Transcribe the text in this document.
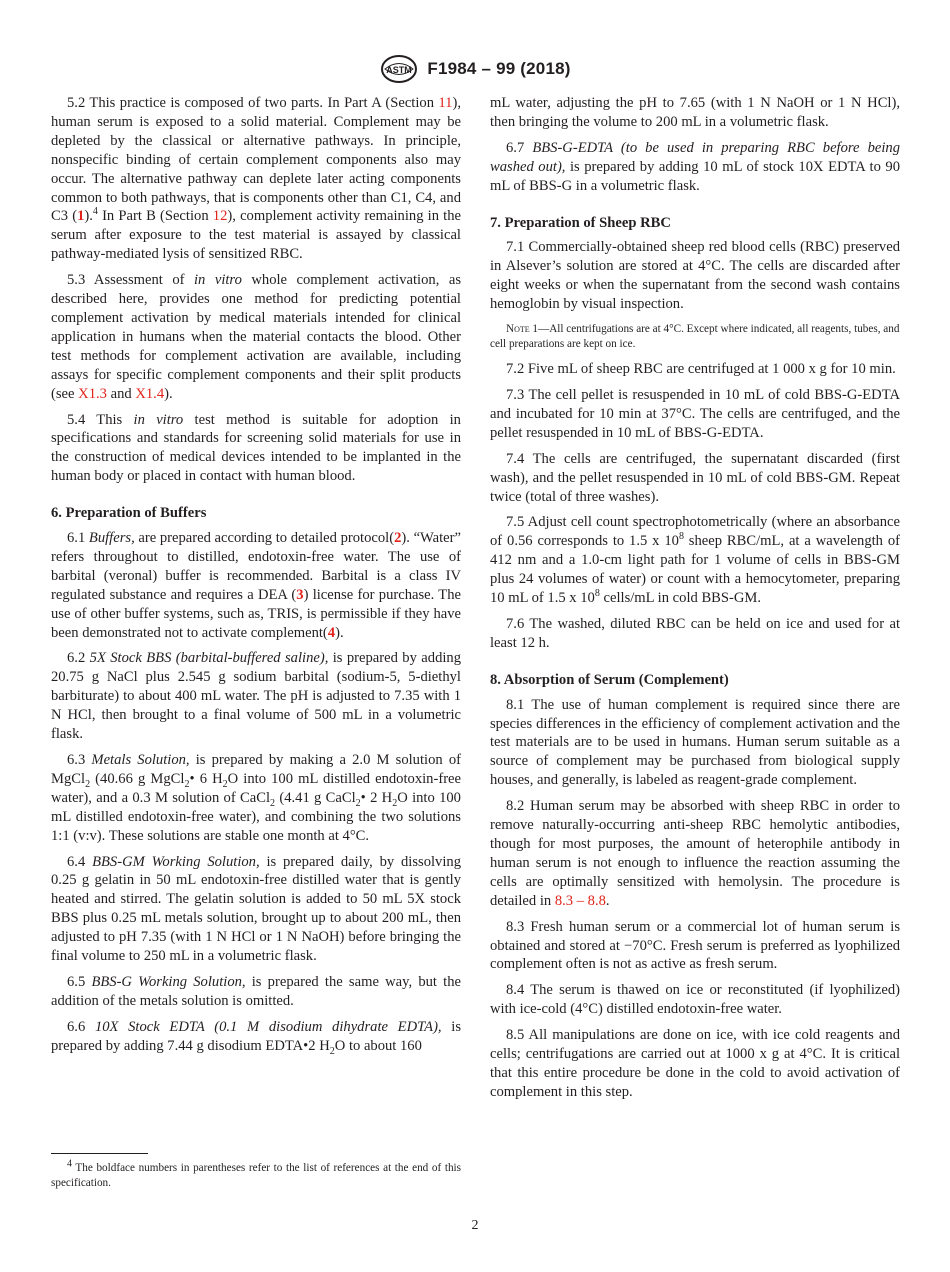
ASTM F1984 – 99 (2018)

5.2 This practice is composed of two parts. In Part A (Section 11), human serum is exposed to a solid material. Complement may be depleted by the classical or alternative pathways. In principle, nonspecific binding of certain complement components also may occur. The alternative pathway can deplete later acting components common to both pathways, that is components other than C1, C4, and C3 (1).$^4$ In Part B (Section 12), complement activity remaining in the serum after exposure to the test material is assayed by classical pathway-mediated lysis of sensitized RBC.

5.3 Assessment of in vitro whole complement activation, as described here, provides one method for predicting potential complement activation by medical materials intended for clinical application in humans when the material contacts the blood. Other test methods for complement activation are available, including assays for specific complement components and their split products (see X1.3 and X1.4).

5.4 This in vitro test method is suitable for adoption in specifications and standards for screening solid materials for use in the construction of medical devices intended to be implanted in the human body or placed in contact with human blood.

6. Preparation of Buffers

6.1 Buffers, are prepared according to detailed protocol(2). “Water” refers throughout to distilled, endotoxin-free water. The use of barbital (veronal) buffer is recommended. Barbital is a class IV regulated substance and requires a DEA (3) license for purchase. The use of other buffer systems, such as, TRIS, is permissible if they have been demonstrated not to activate complement(4).

6.2 5X Stock BBS (barbital-buffered saline), is prepared by adding 20.75 g NaCl plus 2.545 g sodium barbital (sodium-5, 5-diethyl barbiturate) to about 400 mL water. The pH is adjusted to 7.35 with 1 N HCl, then brought to a final volume of 500 mL in a volumetric flask.

6.3 Metals Solution, is prepared by making a 2.0 M solution of MgCl$_2$ (40.66 g MgCl$_2$• 6 $H_2O$ into 100 mL distilled endotoxin-free water), and a 0.3 M solution of CaCl$_2$ (4.41 g CaCl$_2$• 2 $H_2O$ into 100 mL distilled endotoxin-free water), and combining the two solutions 1:1 (v:v). These solutions are stable one month at 4°C.

6.4 BBS-GM Working Solution, is prepared daily, by dissolving 0.25 g gelatin in 50 mL endotoxin-free distilled water that is gently heated and stirred. The gelatin solution is added to 50 mL 5X stock BBS plus 0.25 mL metals solution, brought up to about 200 mL, then adjusted to pH 7.35 (with 1 N HCl or 1 N NaOH) before bringing the final volume to 250 mL in a volumetric flask.

6.5 BBS-G Working Solution, is prepared the same way, but the addition of the metals solution is omitted.

6.6 10X Stock EDTA (0.1 M disodium dihydrate EDTA), is prepared by adding 7.44 g disodium EDTA•2 $H_2O$ to about 160

$^4$ The boldface numbers in parentheses refer to the list of references at the end of this specification.

mL water, adjusting the pH to 7.65 (with 1 N NaOH or 1 N HCl), then bringing the volume to 200 mL in a volumetric flask.

6.7 BBS-G-EDTA (to be used in preparing RBC before being washed out), is prepared by adding 10 mL of stock 10X EDTA to 90 mL of BBS-G in a volumetric flask.

7. Preparation of Sheep RBC

7.1 Commercially-obtained sheep red blood cells (RBC) preserved in Alsever’s solution are stored at 4°C. The cells are discarded after eight weeks or when the supernatant from the second wash contains hemoglobin by visual inspection.

Note 1—All centrifugations are at 4°C. Except where indicated, all reagents, tubes, and cell preparations are kept on ice.

7.2 Five mL of sheep RBC are centrifuged at 1 000 x g for 10 min.

7.3 The cell pellet is resuspended in 10 mL of cold BBS-G-EDTA and incubated for 10 min at 37°C. The cells are centrifuged, and the pellet resuspended in 10 mL of BBS-G-EDTA.

7.4 The cells are centrifuged, the supernatant discarded (first wash), and the pellet resuspended in 10 mL of cold BBS-GM. Repeat twice (total of three washes).

7.5 Adjust cell count spectrophotometrically (where an absorbance of 0.56 corresponds to 1.5 x $10^8$ sheep RBC/mL, at a wavelength of 412 nm and a 1.0-cm light path for 1 volume of cells in BBS-GM plus 24 volumes of water) or count with a hemocytometer, preparing 10 mL of 1.5 x $10^8$ cells/mL in cold BBS-GM.

7.6 The washed, diluted RBC can be held on ice and used for at least 12 h.

8. Absorption of Serum (Complement)

8.1 The use of human complement is required since there are species differences in the efficiency of complement activation and the test materials are to be used in humans. Human serum suitable as a source of complement may be purchased from biological supply houses, and generally, is labeled as reagent-grade complement.

8.2 Human serum may be absorbed with sheep RBC in order to remove naturally-occurring anti-sheep RBC hemolytic antibodies, though for most purposes, the amount of heterophile antibody in human serum is not enough to influence the reaction assuming the cells are optimally sensitized with hemolysin. The procedure is detailed in 8.3 – 8.8.

8.3 Fresh human serum or a commercial lot of human serum is obtained and stored at −70°C. Fresh serum is preferred as lyophilized complement often is not as active as fresh serum.

8.4 The serum is thawed on ice or reconstituted (if lyophilized) with ice-cold (4°C) distilled endotoxin-free water.

8.5 All manipulations are done on ice, with ice cold reagents and cells; centrifugations are carried out at 1000 x g at 4°C. It is critical that this entire procedure be done in the cold to avoid activation of complement in this step.

2
